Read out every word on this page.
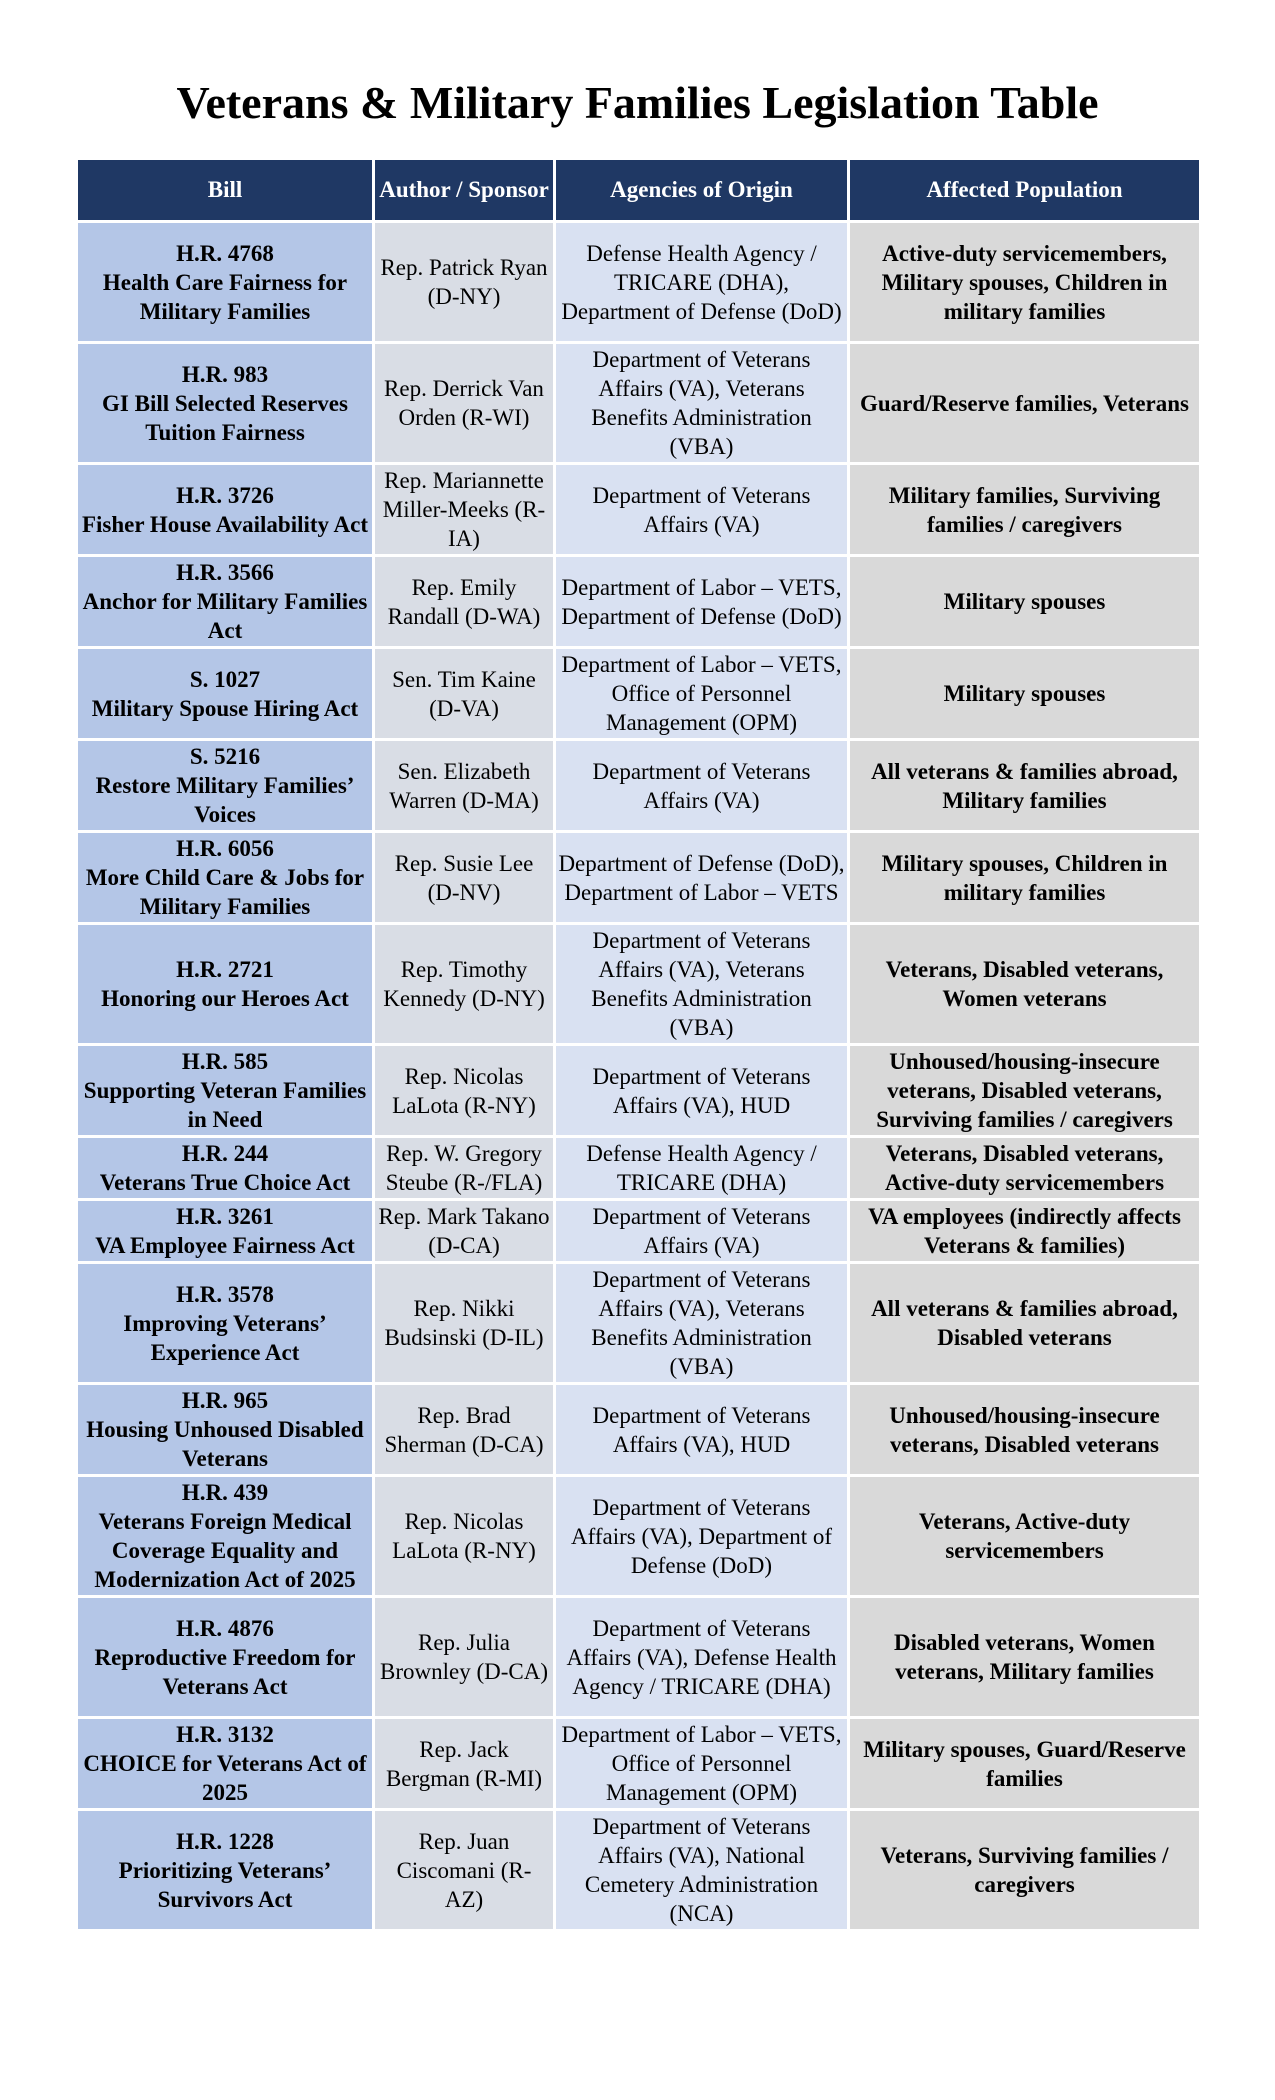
Veterans & Military Families Legislation Table
Bill	Author / Sponsor	Agencies of Origin	Affected Population

H.R. 4768
Health Care Fairness for Military Families	Rep. Patrick Ryan (D-NY)	Defense Health Agency / TRICARE (DHA), Department of Defense (DoD)	Active-duty servicemembers, Military spouses, Children in military families

H.R. 983
GI Bill Selected Reserves Tuition Fairness	Rep. Derrick Van Orden (R-WI)	Department of Veterans Affairs (VA), Veterans Benefits Administration (VBA)	Guard/Reserve families, Veterans

H.R. 3726
Fisher House Availability Act	Rep. Mariannette Miller-Meeks (R-IA)	Department of Veterans Affairs (VA)	Military families, Surviving families / caregivers

H.R. 3566
Anchor for Military Families Act	Rep. Emily Randall (D-WA)	Department of Labor – VETS, Department of Defense (DoD)	Military spouses

S. 1027
Military Spouse Hiring Act	Sen. Tim Kaine (D-VA)	Department of Labor – VETS, Office of Personnel Management (OPM)	Military spouses

S. 5216
Restore Military Families’ Voices	Sen. Elizabeth Warren (D-MA)	Department of Veterans Affairs (VA)	All veterans & families abroad, Military families

H.R. 6056
More Child Care & Jobs for Military Families	Rep. Susie Lee (D-NV)	Department of Defense (DoD), Department of Labor – VETS	Military spouses, Children in military families

H.R. 2721
Honoring our Heroes Act	Rep. Timothy Kennedy (D-NY)	Department of Veterans Affairs (VA), Veterans Benefits Administration (VBA)	Veterans, Disabled veterans, Women veterans

H.R. 585
Supporting Veteran Families in Need	Rep. Nicolas LaLota (R-NY)	Department of Veterans Affairs (VA), HUD	Unhoused/housing-insecure veterans, Disabled veterans, Surviving families / caregivers

H.R. 244
Veterans True Choice Act	Rep. W. Gregory Steube (R-/FLA)	Defense Health Agency / TRICARE (DHA)	Veterans, Disabled veterans, Active-duty servicemembers

H.R. 3261
VA Employee Fairness Act	Rep. Mark Takano (D-CA)	Department of Veterans Affairs (VA)	VA employees (indirectly affects Veterans & families)

H.R. 3578
Improving Veterans’ Experience Act	Rep. Nikki Budsinski (D-IL)	Department of Veterans Affairs (VA), Veterans Benefits Administration (VBA)	All veterans & families abroad, Disabled veterans

H.R. 965
Housing Unhoused Disabled Veterans	Rep. Brad Sherman (D-CA)	Department of Veterans Affairs (VA), HUD	Unhoused/housing-insecure veterans, Disabled veterans

H.R. 439
Veterans Foreign Medical Coverage Equality and Modernization Act of 2025	Rep. Nicolas LaLota (R-NY)	Department of Veterans Affairs (VA), Department of Defense (DoD)	Veterans, Active-duty servicemembers

H.R. 4876
Reproductive Freedom for Veterans Act	Rep. Julia Brownley (D-CA)	Department of Veterans Affairs (VA), Defense Health Agency / TRICARE (DHA)	Disabled veterans, Women veterans, Military families

H.R. 3132
CHOICE for Veterans Act of 2025	Rep. Jack Bergman (R-MI)	Department of Labor – VETS, Office of Personnel Management (OPM)	Military spouses, Guard/Reserve families

H.R. 1228
Prioritizing Veterans’ Survivors Act	Rep. Juan Ciscomani (R- AZ)	Department of Veterans Affairs (VA), National Cemetery Administration (NCA)	Veterans, Surviving families / caregivers
